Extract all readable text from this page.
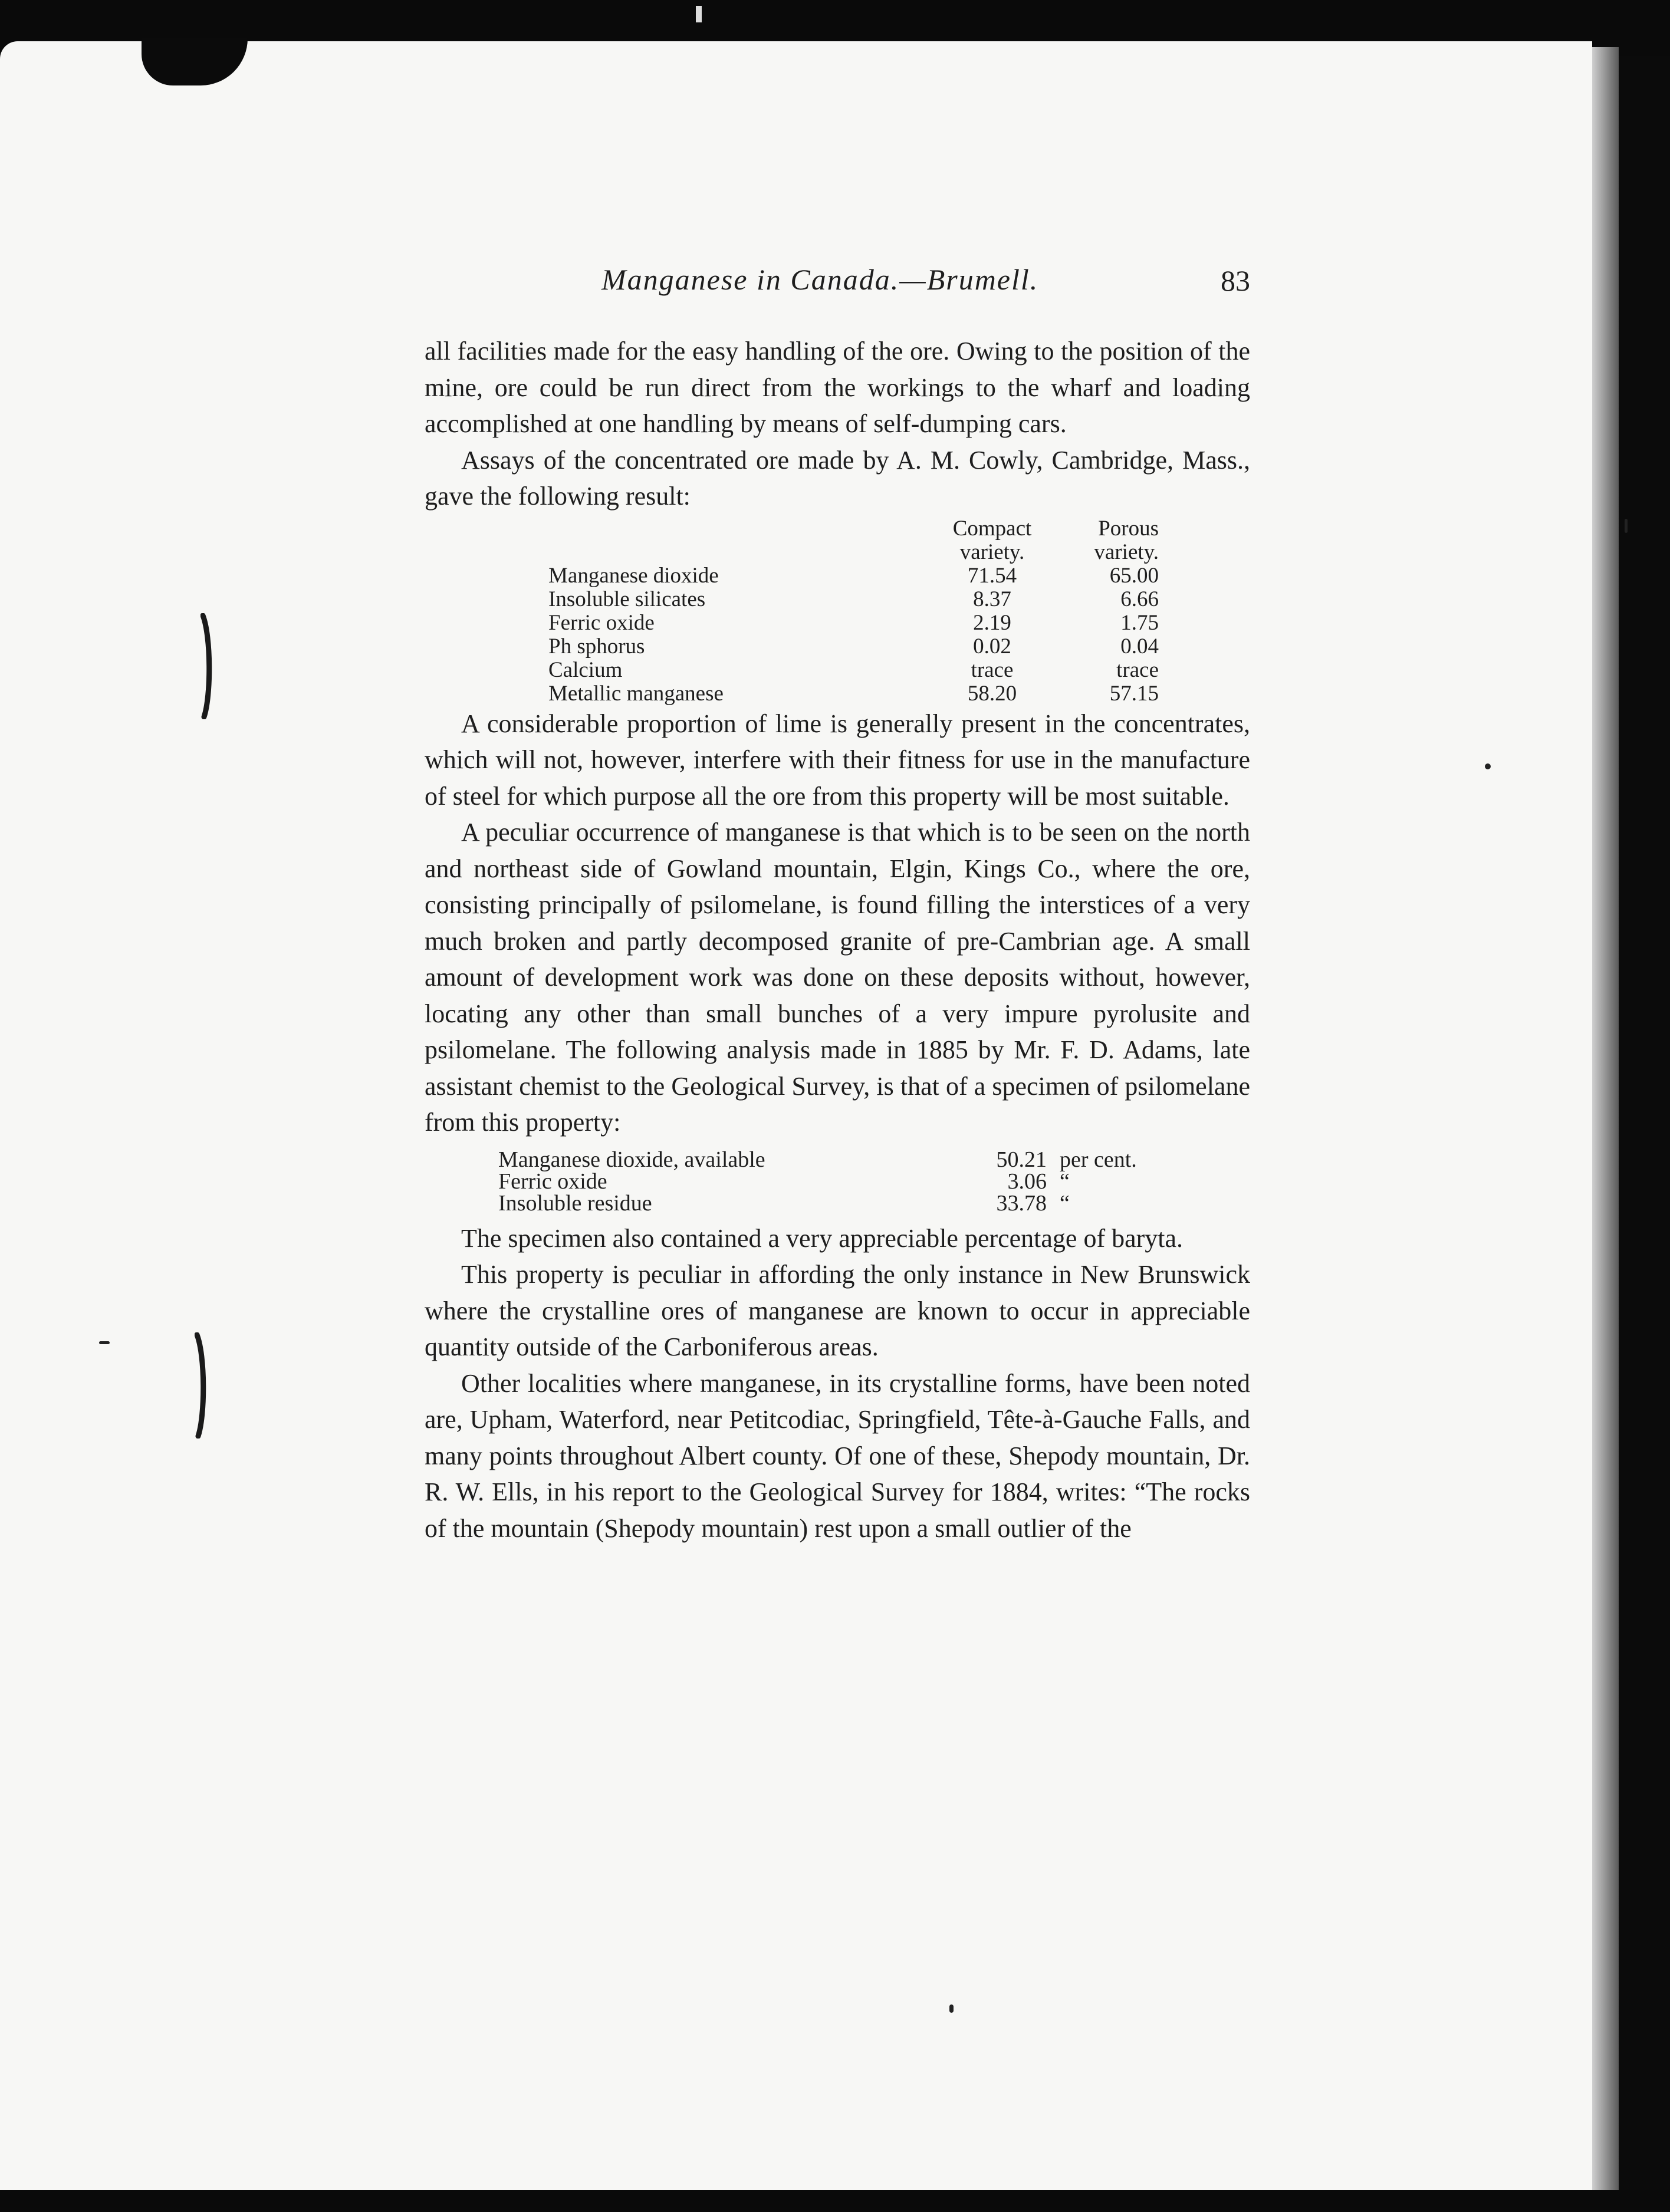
Manganese in Canada.—Brumell.	83

all facilities made for the easy handling of the ore. Owing to the position of the mine, ore could be run direct from the workings to the wharf and loading accomplished at one handling by means of self-dumping cars.

Assays of the concentrated ore made by A. M. Cowly, Cambridge, Mass., gave the following result:

	Compact	Porous
	variety.	variety.
Manganese dioxide	71.54	65.00
Insoluble silicates	8.37	6.66
Ferric oxide	2.19	1.75
Ph sphorus	0.02	0.04
Calcium	trace	trace
Metallic manganese	58.20	57.15

A considerable proportion of lime is generally present in the concentrates, which will not, however, interfere with their fitness for use in the manufacture of steel for which purpose all the ore from this property will be most suitable.

A peculiar occurrence of manganese is that which is to be seen on the north and northeast side of Gowland mountain, Elgin, Kings Co., where the ore, consisting principally of psilomelane, is found filling the interstices of a very much broken and partly decomposed granite of pre-Cambrian age. A small amount of development work was done on these deposits without, however, locating any other than small bunches of a very impure pyrolusite and psilomelane. The following analysis made in 1885 by Mr. F. D. Adams, late assistant chemist to the Geological Survey, is that of a specimen of psilomelane from this property:

Manganese dioxide, available	50.21	per cent.
Ferric oxide	3.06	“
Insoluble residue	33.78	“

The specimen also contained a very appreciable percentage of baryta.

This property is peculiar in affording the only instance in New Brunswick where the crystalline ores of manganese are known to occur in appreciable quantity outside of the Carboniferous areas.

Other localities where manganese, in its crystalline forms, have been noted are, Upham, Waterford, near Petitcodiac, Springfield, Tête-à-Gauche Falls, and many points throughout Albert county. Of one of these, Shepody mountain, Dr. R. W. Ells, in his report to the Geological Survey for 1884, writes: “The rocks of the mountain (Shepody mountain) rest upon a small outlier of the
